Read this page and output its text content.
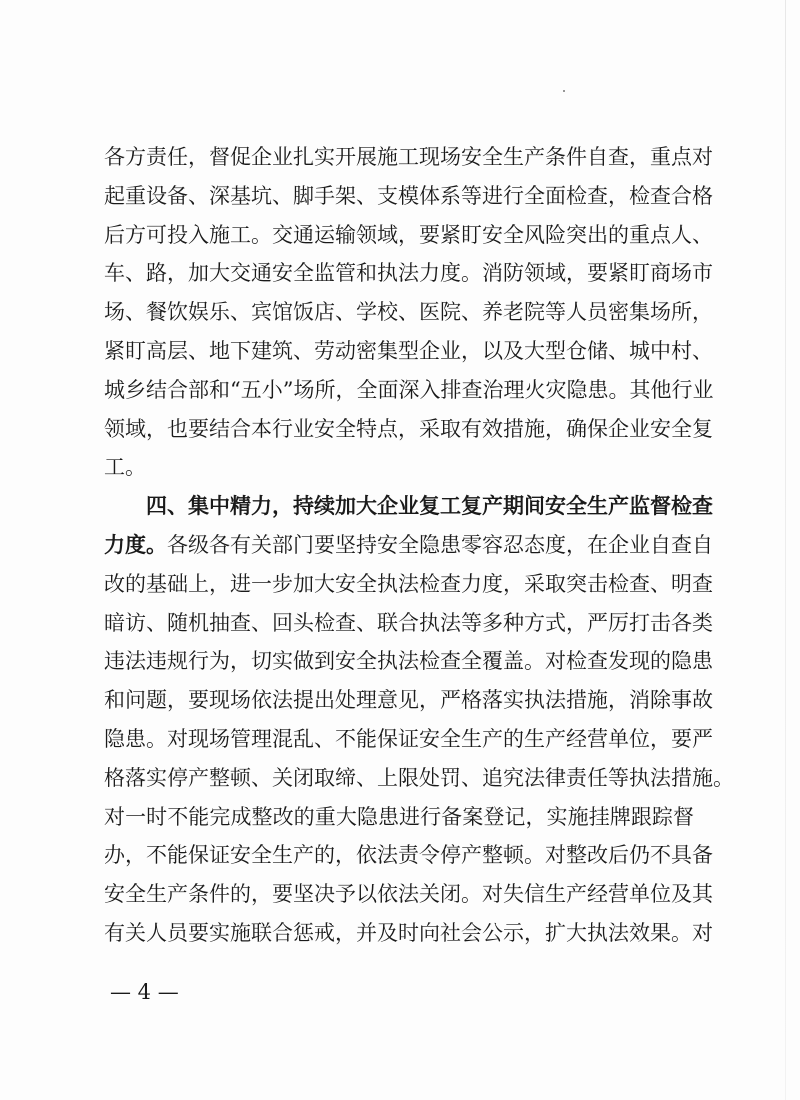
各方责任，督促企业扎实开展施工现场安全生产条件自查，重点对
起重设备、深基坑、脚手架、支模体系等进行全面检查，检查合格
后方可投入施工。交通运输领域，要紧盯安全风险突出的重点人、
车、路，加大交通安全监管和执法力度。消防领域，要紧盯商场市
场、餐饮娱乐、宾馆饭店、学校、医院、养老院等人员密集场所，
紧盯高层、地下建筑、劳动密集型企业，以及大型仓储、城中村、
城乡结合部和“五小”场所，全面深入排查治理火灾隐患。其他行业
领域，也要结合本行业安全特点，采取有效措施，确保企业安全复
工。
四、集中精力，持续加大企业复工复产期间安全生产监督检查
力度。各级各有关部门要坚持安全隐患零容忍态度，在企业自查自
改的基础上，进一步加大安全执法检查力度，采取突击检查、明查
暗访、随机抽查、回头检查、联合执法等多种方式，严厉打击各类
违法违规行为，切实做到安全执法检查全覆盖。对检查发现的隐患
和问题，要现场依法提出处理意见，严格落实执法措施，消除事故
隐患。对现场管理混乱、不能保证安全生产的生产经营单位，要严
格落实停产整顿、关闭取缔、上限处罚、追究法律责任等执法措施。
对一时不能完成整改的重大隐患进行备案登记，实施挂牌跟踪督
办，不能保证安全生产的，依法责令停产整顿。对整改后仍不具备
安全生产条件的，要坚决予以依法关闭。对失信生产经营单位及其
有关人员要实施联合惩戒，并及时向社会公示，扩大执法效果。对
— 4 —
